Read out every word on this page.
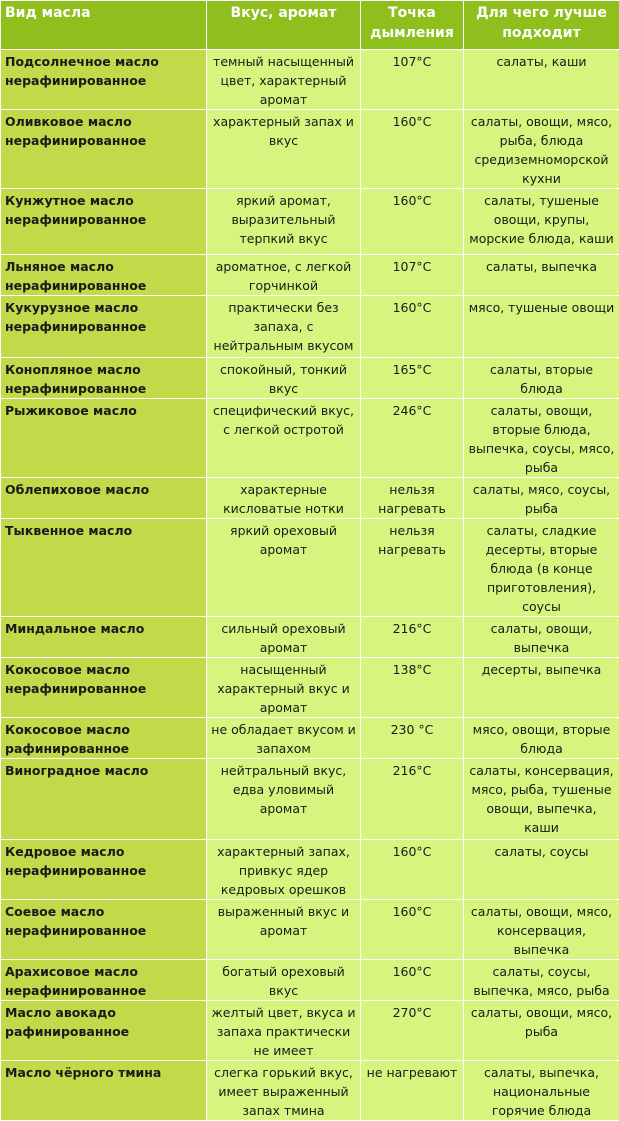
Вид масла	Вкус, аромат	Точка дымления	Для чего лучше подходит
Подсолнечное масло нерафинированное	темный насыщенный цвет, характерный аромат	107°C	салаты, каши
Оливковое масло нерафинированное	характерный запах и вкус	160°C	салаты, овощи, мясо, рыба, блюда средиземноморской кухни
Кунжутное масло нерафинированное	яркий аромат, выразительный терпкий вкус	160°C	салаты, тушеные овощи, крупы, морские блюда, каши
Льняное масло нерафинированное	ароматное, с легкой горчинкой	107°C	салаты, выпечка
Кукурузное масло нерафинированное	практически без запаха, с нейтральным вкусом	160°C	мясо, тушеные овощи
Конопляное масло нерафинированное	спокойный, тонкий вкус	165°C	салаты, вторые блюда
Рыжиковое масло	специфический вкус, с легкой остротой	246°C	салаты, овощи, вторые блюда, выпечка, соусы, мясо, рыба
Облепиховое масло	характерные кисловатые нотки	нельзя нагревать	салаты, мясо, соусы, рыба
Тыквенное масло	яркий ореховый аромат	нельзя нагревать	салаты, сладкие десерты, вторые блюда (в конце приготовления), соусы
Миндальное масло	сильный ореховый аромат	216°C	салаты, овощи, выпечка
Кокосовое масло нерафинированное	насыщенный характерный вкус и аромат	138°C	десерты, выпечка
Кокосовое масло рафинированное	не обладает вкусом и запахом	230 °C	мясо, овощи, вторые блюда
Виноградное масло	нейтральный вкус, едва уловимый аромат	216°C	салаты, консервация, мясо, рыба, тушеные овощи, выпечка, каши
Кедровое масло нерафинированное	характерный запах, привкус ядер кедровых орешков	160°C	салаты, соусы
Соевое масло нерафинированное	выраженный вкус и аромат	160°C	салаты, овощи, мясо, консервация, выпечка
Арахисовое масло нерафинированное	богатый ореховый вкус	160°C	салаты, соусы, выпечка, мясо, рыба
Масло авокадо рафинированное	желтый цвет, вкуса и запаха практически не имеет	270°C	салаты, овощи, мясо, рыба
Масло чёрного тмина	слегка горький вкус, имеет выраженный запах тмина	не нагревают	салаты, выпечка, национальные горячие блюда
